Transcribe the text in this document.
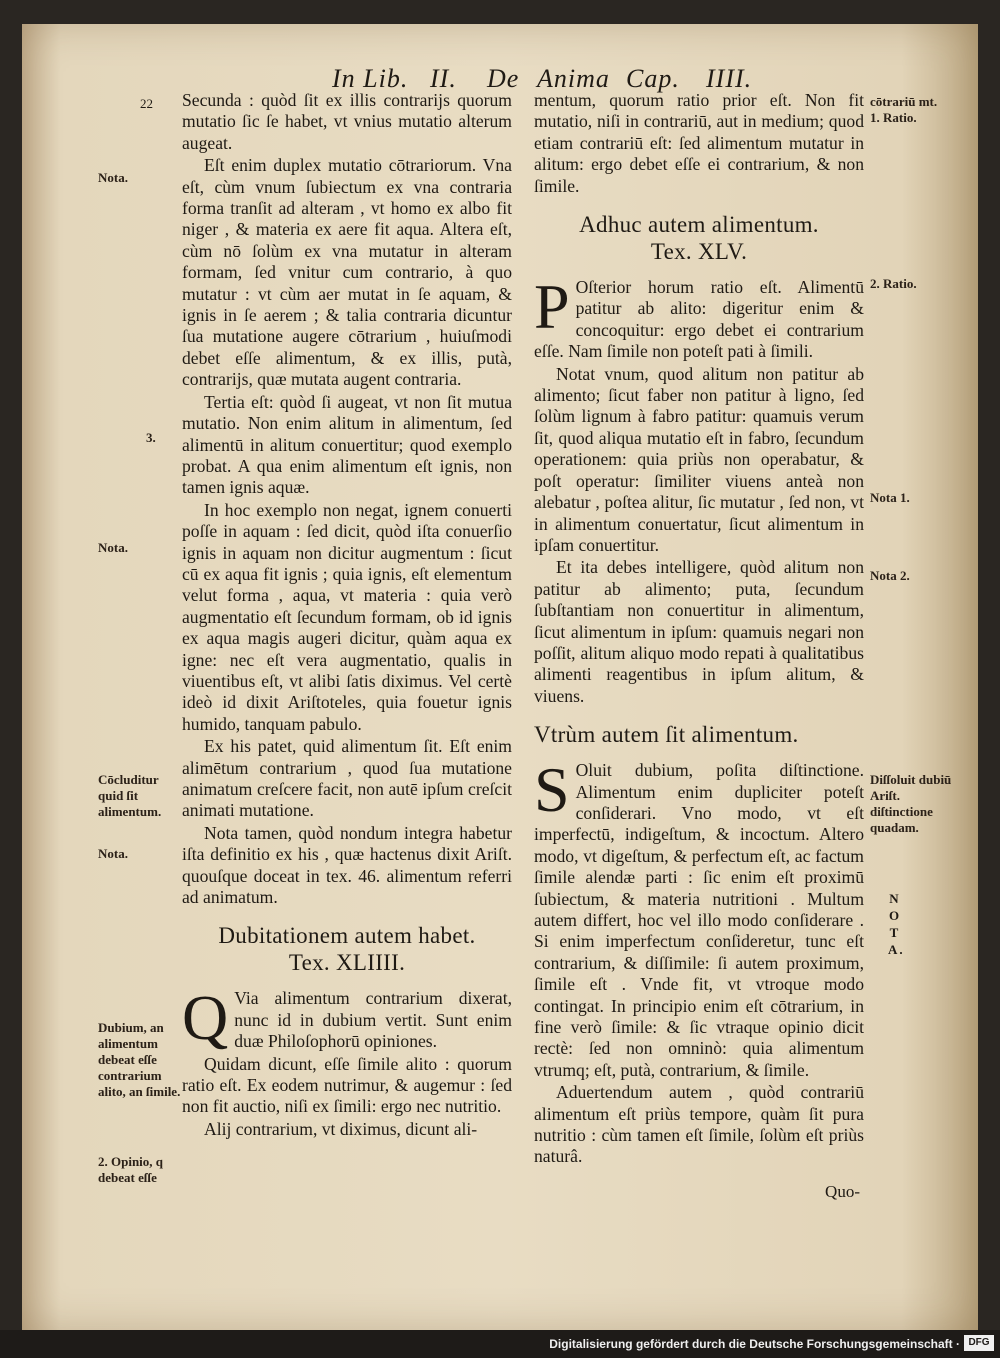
In Lib. II. De Anima Cap. IIII.
22 Secunda : quòd ſit ex illis contrarijs quorum mutatio ſic ſe habet, vt vnius mutatio alterum augeat.

Eſt enim duplex mutatio cōtrariorum. Vna eſt, cùm vnum ſubiectum ex vna contraria forma tranſit ad alteram , vt homo ex albo fit niger , & materia ex aere fit aqua. Altera eſt, cùm nō ſolùm ex vna mutatur in alteram formam, ſed vnitur cum contrario, à quo mutatur : vt cùm aer mutat in ſe aquam, & ignis in ſe aerem ; & talia contraria dicuntur ſua mutatione augere cōtrarium , huiuſmodi debet eſſe alimentum, & ex illis, putà, contrarijs, quæ mutata augent contraria.

Tertia eſt: quòd ſi augeat, vt non ſit mutua mutatio. Non enim alitum in alimentum, ſed alimentū in alitum conuertitur; quod exemplo probat. A qua enim alimentum eſt ignis, non tamen ignis aquæ.

In hoc exemplo non negat, ignem conuerti poſſe in aquam : ſed dicit, quòd iſta conuerſio ignis in aquam non dicitur augmentum : ſicut cū ex aqua fit ignis ; quia ignis, eſt elementum velut forma , aqua, vt materia : quia verò augmentatio eſt ſecundum formam, ob id ignis ex aqua magis augeri dicitur, quàm aqua ex igne: nec eſt vera augmentatio, qualis in viuentibus eſt, vt alibi ſatis diximus. Vel certè ideò id dixit Ariſtoteles, quia fouetur ignis humido, tanquam pabulo.

Ex his patet, quid alimentum ſit. Eſt enim alimētum contrarium , quod ſua mutatione animatum creſcere facit, non autē ipſum creſcit animati mutatione.

Nota tamen, quòd nondum integra habetur iſta definitio ex his , quæ hactenus dixit Ariſt. quouſque doceat in tex. 46. alimentum referri ad animatum.

Dubitationem autem habet.
Tex. XLIIII.

Q Via alimentum contrarium dixerat, nunc id in dubium vertit. Sunt enim duæ Philoſophorū opiniones.

Quidam dicunt, eſſe ſimile alito : quorum ratio eſt. Ex eodem nutrimur, & augemur : ſed non fit auctio, niſi ex ſimili: ergo nec nutritio.

Alij contrarium, vt diximus, dicunt ali-

mentum, quorum ratio prior eſt. Non fit mutatio, niſi in contrariū, aut in medium; quod etiam contrariū eſt: ſed alimentum mutatur in alitum: ergo debet eſſe ei contrarium, & non ſimile.

Adhuc autem alimentum.
Tex. XLV.

P Oſterior horum ratio eſt. Alimentū patitur ab alito: digeritur enim & concoquitur: ergo debet ei contrarium eſſe. Nam ſimile non poteſt pati à ſimili.

Notat vnum, quod alitum non patitur ab alimento; ſicut faber non patitur à ligno, ſed ſolùm lignum à fabro patitur: quamuis verum ſit, quod aliqua mutatio eſt in fabro, ſecundum operationem: quia priùs non operabatur, & poſt operatur: ſimiliter viuens anteà non alebatur , poſtea alitur, ſic mutatur , ſed non, vt in alimentum conuertatur, ſicut alimentum in ipſam conuertitur.

Et ita debes intelligere, quòd alitum non patitur ab alimento; puta, ſecundum ſubſtantiam non conuertitur in alimentum, ſicut alimentum in ipſum: quamuis negari non poſſit, alitum aliquo modo repati à qualitatibus alimenti reagentibus in ipſum alitum, & viuens.

Vtrùm autem ſit alimentum.

S Oluit dubium, poſita diſtinctione. Alimentum enim dupliciter poteſt conſiderari. Vno modo, vt eſt imperfectū, indigeſtum, & incoctum. Altero modo, vt digeſtum, & perfectum eſt, ac factum ſimile alendæ parti : ſic enim eſt proximū ſubiectum, & materia nutritioni . Multum autem differt, hoc vel illo modo conſiderare . Si enim imperfectum conſideretur, tunc eſt contrarium, & diſſimile: ſi autem proximum, ſimile eſt . Vnde fit, vt vtroque modo contingat. In principio enim eſt cōtrarium, in fine verò ſimile: & ſic vtraque opinio dicit rectè: ſed non omninò: quia alimentum vtrumq; eſt, putà, contrarium, & ſimile.

Aduertendum autem , quòd contrariū alimentum eſt priùs tempore, quàm ſit pura nutritio : cùm tamen eſt ſimile, ſolùm eſt priùs naturâ.

Quo-
Nota.
3.
Nota.
Cōcluditur quid ſit alimentum.
Nota.
Dubium, an alimentum debeat eſſe contrarium alito, an ſimile.
2. Opinio, q debeat eſſe
cōtrariū mt. 1. Ratio.
2. Ratio.
Nota 1.
Nota 2.
Diſſoluit dubiū Ariſt. diſtinctione quadam.
N
O
T
A.
Digitalisierung gefördert durch die Deutsche Forschungsgemeinschaft · DFG
